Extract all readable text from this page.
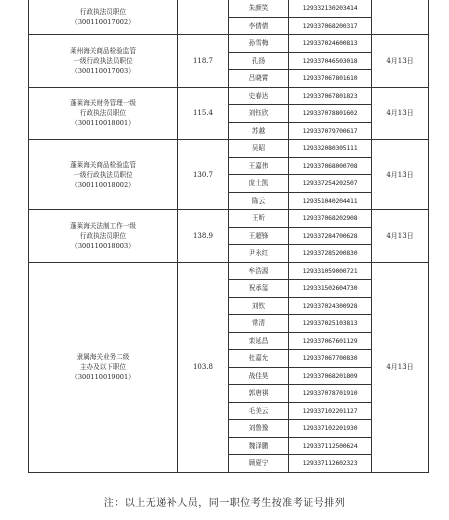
行政执法员职位
（300110017002）		朱颜笑	129332130203414	
		李倩倩	129337068200317	

莱州海关商品检验监管
一级行政执法员职位
（300110017003）	118.7	孙雪梅	129337024600813	4月13日
		孔扬	129337046503018	
		吕晓霄	129337067801610	

蓬莱海关财务管理一级
行政执法员职位
（300110018001）	115.4	史春达	129337067801823	4月13日
		刘钰欣	129337078801602	
		苏越	129337079700617	

蓬莱海关商品检验监管
一级行政执法员职位
（300110018002）	130.7	吴昭	129332080305111	4月13日
		王嘉伟	129337068000708	
		庞士凯	129337254202507	
		陈云	129351040204411	

蓬莱海关法制工作一级
行政执法员职位
（300110018003）	138.9	王昕	129337068202908	4月13日
		王超锋	129337284700628	
		尹永红	129337285200830	

隶属海关业务二级
主办及以下职位
（300110019001）	103.8	牟浩源	129331059000721	4月13日
		祝承玺	129331502604730	
		刘钦	129337024300928	
		常清	129337025103813	
		栾延昌	129337067601129	
		杜嘉允	129337067700830	
		战佳昊	129337068201809	
		郭唐祺	129337078701910	
		毛美云	129337102201127	
		刘鲁豫	129337102201930	
		魏泽鹏	129337112500624	
		顾夏宁	129337112602323	
注：以上无递补人员，同一职位考生按准考证号排列
